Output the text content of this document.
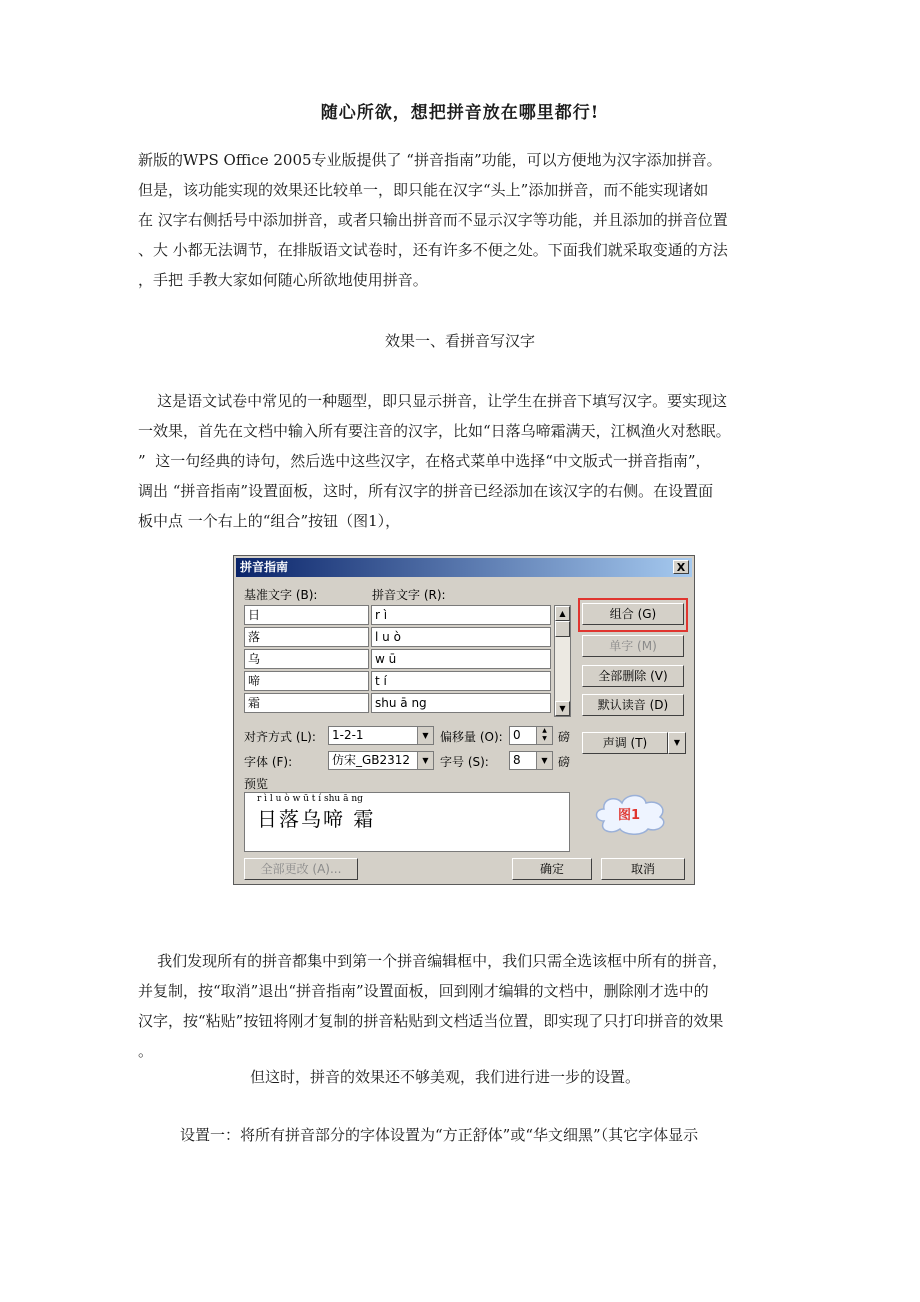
随心所欲，想把拼音放在哪里都行!
新版的WPS Office 2005专业版提供了 “拼音指南”功能，可以方便地为汉字添加拼音。
但是，该功能实现的效果还比较单一，即只能在汉字“头上”添加拼音，而不能实现诸如
在 汉字右侧括号中添加拼音，或者只输出拼音而不显示汉字等功能，并且添加的拼音位置
、大 小都无法调节，在排版语文试卷时，还有许多不便之处。下面我们就采取变通的方法
，手把 手教大家如何随心所欲地使用拼音。
效果一、看拼音写汉字
这是语文试卷中常见的一种题型，即只显示拼音，让学生在拼音下填写汉字。要实现这
一效果，首先在文档中输入所有要注音的汉字，比如“日落乌啼霜满天，江枫渔火对愁眠。
”  这一句经典的诗句，然后选中这些汉字，在格式菜单中选择“中文版式一拼音指南”，
调出 “拼音指南”设置面板，这时，所有汉字的拼音已经添加在该汉字的右侧。在设置面
板中点 一个右上的“组合”按钮（图1），
拼音指南	X
基准文字 (B):	拼音文字 (R):
日	r ì
落	l u ò
乌	w ū
啼	t í
霜	shu ā ng
▲
▼
组合 (G)
单字 (M)
全部删除 (V)
默认读音 (D)
对齐方式 (L):	1-2-1	▼ 偏移量 (O): 0	▲
▼ 磅
字体 (F):	仿宋_GB2312	▼ 字号 (S):	8	▼ 磅
声调 (T)	▼
预览
r ì l u ò w ū t í shu ā ng
日落乌啼 霜	图1
全部更改 (A)...	确定	取消
我们发现所有的拼音都集中到第一个拼音编辑框中，我们只需全选该框中所有的拼音，
并复制，按“取消”退出“拼音指南”设置面板，回到刚才编辑的文档中，删除刚才选中的
汉字，按“粘贴”按钮将刚才复制的拼音粘贴到文档适当位置，即实现了只打印拼音的效果
。
但这时，拼音的效果还不够美观，我们进行进一步的设置。
设置一：将所有拼音部分的字体设置为“方正舒体”或“华文细黑”（其它字体显示
